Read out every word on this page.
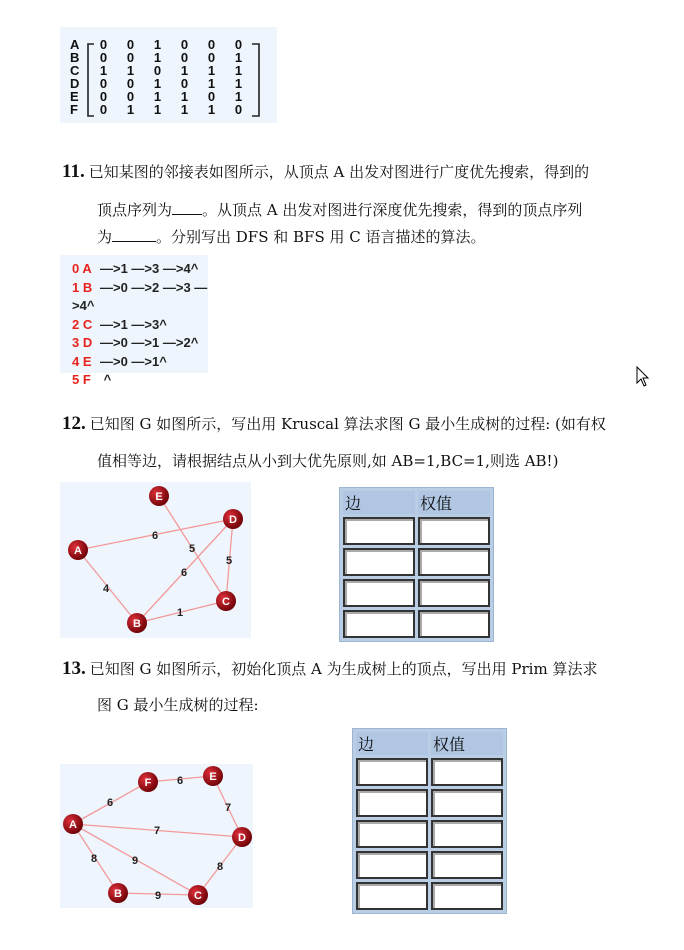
A	0	0	1	0	0	0
B	0	0	1	0	0	1
C	1	1	0	1	1	1
D	0	0	1	0	1	1
E	0	0	1	1	0	1
F	0	1	1	1	1	0
11. 已知某图的邻接表如图所示，从顶点 A 出发对图进行广度优先搜索，得到的
顶点序列为 。从顶点 A 出发对图进行深度优先搜索，得到的顶点序列
为	。分别写出 DFS 和 BFS 用 C 语言描述的算法。
0 A —>1 —>3 —>4^
1 B —>0 —>2 —>3 —>4^
2 C —>1 —>3^
3 D —>0 —>1 —>2^
4 E —>0 —>1^
5 F ^
12. 已知图 G 如图所示，写出用 Kruscal 算法求图 G 最小生成树的过程: (如有权
值相等边，请根据结点从小到大优先原则,如 AB=1,BC=1,则选 AB!)
6
5
6
5
4
1
A
B
C
D
E	边	权值

13. 已知图 G 如图所示，初始化顶点 A 为生成树上的顶点，写出用 Prim 算法求
图 G 最小生成树的过程:
边	权值

6
6
7
7
8	9
9
8
A
B	C
D
E
F
